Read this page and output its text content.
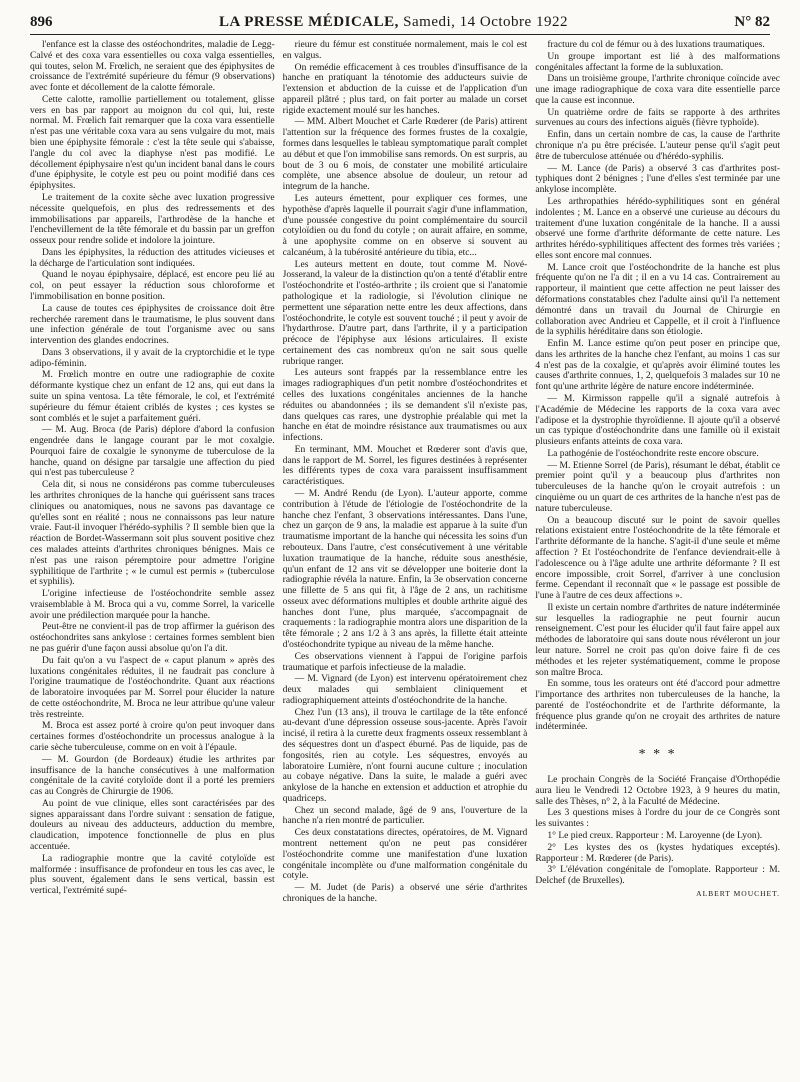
896	LA PRESSE MÉDICALE, Samedi, 14 Octobre 1922	N° 82

l'enfance est la classe des ostéochondrites, maladie de Legg-Calvé et des coxa vara essentielles ou coxa valga essentielles, qui toutes, selon M. Frœlich, ne seraient que des épiphysites de croissance de l'extrémité supérieure du fémur (9 observations) avec fonte et décollement de la calotte fémorale.

Cette calotte, ramollie partiellement ou totalement, glisse vers en bas par rapport au moignon du col qui, lui, reste normal. M. Frœlich fait remarquer que la coxa vara essentielle n'est pas une véritable coxa vara au sens vulgaire du mot, mais bien une épiphysite fémorale : c'est la tête seule qui s'abaisse, l'angle du col avec la diaphyse n'est pas modifié. Le décollement épiphysaire n'est qu'un incident banal dans le cours d'une épiphysite, le cotyle est peu ou point modifié dans ces épiphysites.

Le traitement de la coxite sèche avec luxation progressive nécessite quelquefois, en plus des redressements et des immobilisations par appareils, l'arthrodèse de la hanche et l'enchevillement de la tête fémorale et du bassin par un greffon osseux pour rendre solide et indolore la jointure.

Dans les épiphysites, la réduction des attitudes vicieuses et la décharge de l'articulation sont indiquées.

Quand le noyau épiphysaire, déplacé, est encore peu lié au col, on peut essayer la réduction sous chloroforme et l'immobilisation en bonne position.

La cause de toutes ces épiphysites de croissance doit être recherchée rarement dans le traumatisme, le plus souvent dans une infection générale de tout l'organisme avec ou sans intervention des glandes endocrines.

Dans 3 observations, il y avait de la cryptorchidie et le type adipo-féminin.

M. Frœlich montre en outre une radiographie de coxite déformante kystique chez un enfant de 12 ans, qui eut dans la suite un spina ventosa. La tête fémorale, le col, et l'extrémité supérieure du fémur étaient criblés de kystes ; ces kystes se sont comblés et le sujet a parfaitement guéri.

— M. Aug. Broca (de Paris) déplore d'abord la confusion engendrée dans le langage courant par le mot coxalgie. Pourquoi faire de coxalgie le synonyme de tuberculose de la hanche, quand on désigne par tarsalgie une affection du pied qui n'est pas tuberculeuse ?

Cela dit, si nous ne considérons pas comme tuberculeuses les arthrites chroniques de la hanche qui guérissent sans traces cliniques ou anatomiques, nous ne savons pas davantage ce qu'elles sont en réalité ; nous ne connaissons pas leur nature vraie. Faut-il invoquer l'hérédo-syphilis ? Il semble bien que la réaction de Bordet-Wassermann soit plus souvent positive chez ces malades atteints d'arthrites chroniques bénignes. Mais ce n'est pas une raison péremptoire pour admettre l'origine syphilitique de l'arthrite ; « le cumul est permis » (tuberculose et syphilis).

L'origine infectieuse de l'ostéochondrite semble assez vraisemblable à M. Broca qui a vu, comme Sorrel, la varicelle avoir une prédilection marquée pour la hanche.

Peut-être ne convient-il pas de trop affirmer la guérison des ostéochondrites sans ankylose : certaines formes semblent bien ne pas guérir d'une façon aussi absolue qu'on l'a dit.

Du fait qu'on a vu l'aspect de « caput planum » après des luxations congénitales réduites, il ne faudrait pas conclure à l'origine traumatique de l'ostéochondrite. Quant aux réactions de laboratoire invoquées par M. Sorrel pour élucider la nature de cette ostéochondrite, M. Broca ne leur attribue qu'une valeur très restreinte.

M. Broca est assez porté à croire qu'on peut invoquer dans certaines formes d'ostéochondrite un processus analogue à la carie sèche tuberculeuse, comme on en voit à l'épaule.

— M. Gourdon (de Bordeaux) étudie les arthrites par insuffisance de la hanche consécutives à une malformation congénitale de la cavité cotyloïde dont il a porté les premiers cas au Congrès de Chirurgie de 1906.

Au point de vue clinique, elles sont caractérisées par des signes apparaissant dans l'ordre suivant : sensation de fatigue, douleurs au niveau des adducteurs, adduction du membre, claudication, impotence fonctionnelle de plus en plus accentuée.

La radiographie montre que la cavité cotyloïde est malformée : insuffisance de profondeur en tous les cas avec, le plus souvent, également dans le sens vertical, bassin est vertical, l'extrémité supé-

rieure du fémur est constituée normalement, mais le col est en valgus.

On remédie efficacement à ces troubles d'insuffisance de la hanche en pratiquant la ténotomie des adducteurs suivie de l'extension et abduction de la cuisse et de l'application d'un appareil plâtré ; plus tard, on fait porter au malade un corset rigide exactement moulé sur les hanches.

— MM. Albert Mouchet et Carle Rœderer (de Paris) attirent l'attention sur la fréquence des formes frustes de la coxalgie, formes dans lesquelles le tableau symptomatique paraît complet au début et que l'on immobilise sans remords. On est surpris, au bout de 3 ou 6 mois, de constater une mobilité articulaire complète, une absence absolue de douleur, un retour ad integrum de la hanche.

Les auteurs émettent, pour expliquer ces formes, une hypothèse d'après laquelle il pourrait s'agir d'une inflammation, d'une poussée congestive du point complémentaire du sourcil cotyloïdien ou du fond du cotyle ; on aurait affaire, en somme, à une apophysite comme on en observe si souvent au calcanéum, à la tubérosité antérieure du tibia, etc...

Les auteurs mettent en doute, tout comme M. Nové-Josserand, la valeur de la distinction qu'on a tenté d'établir entre l'ostéochondrite et l'ostéo-arthrite ; ils croient que si l'anatomie pathologique et la radiologie, si l'évolution clinique ne permettent une séparation nette entre les deux affections, dans l'ostéochondrite, le cotyle est souvent touché ; il peut y avoir de l'hydarthrose. D'autre part, dans l'arthrite, il y a participation précoce de l'épiphyse aux lésions articulaires. Il existe certainement des cas nombreux qu'on ne sait sous quelle rubrique ranger.

Les auteurs sont frappés par la ressemblance entre les images radiographiques d'un petit nombre d'ostéochondrites et celles des luxations congénitales anciennes de la hanche réduites ou abandonnées ; ils se demandent s'il n'existe pas, dans quelques cas rares, une dystrophie préalable qui met la hanche en état de moindre résistance aux traumatismes ou aux infections.

En terminant, MM. Mouchet et Rœderer sont d'avis que, dans le rapport de M. Sorrel, les figures destinées à représenter les différents types de coxa vara paraissent insuffisamment caractéristiques.

— M. André Rendu (de Lyon). L'auteur apporte, comme contribution à l'étude de l'étiologie de l'ostéochondrite de la hanche chez l'enfant, 3 observations intéressantes. Dans l'une, chez un garçon de 9 ans, la maladie est apparue à la suite d'un traumatisme important de la hanche qui nécessita les soins d'un rebouteux. Dans l'autre, c'est consécutivement à une véritable luxation traumatique de la hanche, réduite sous anesthésie, qu'un enfant de 12 ans vit se développer une boiterie dont la radiographie révéla la nature. Enfin, la 3e observation concerne une fillette de 5 ans qui fit, à l'âge de 2 ans, un rachitisme osseux avec déformations multiples et double arthrite aiguë des hanches dont l'une, plus marquée, s'accompagnait de craquements : la radiographie montra alors une disparition de la tête fémorale ; 2 ans 1/2 à 3 ans après, la fillette était atteinte d'ostéochondrite typique au niveau de la même hanche.

Ces observations viennent à l'appui de l'origine parfois traumatique et parfois infectieuse de la maladie.

— M. Vignard (de Lyon) est intervenu opératoirement chez deux malades qui semblaient cliniquement et radiographiquement atteints d'ostéochondrite de la hanche.

Chez l'un (13 ans), il trouva le cartilage de la tête enfoncé au-devant d'une dépression osseuse sous-jacente. Après l'avoir incisé, il retira à la curette deux fragments osseux ressemblant à des séquestres dont un d'aspect éburné. Pas de liquide, pas de fongosités, rien au cotyle. Les séquestres, envoyés au laboratoire Lumière, n'ont fourni aucune culture ; inoculation au cobaye négative. Dans la suite, le malade a guéri avec ankylose de la hanche en extension et adduction et atrophie du quadriceps.

Chez un second malade, âgé de 9 ans, l'ouverture de la hanche n'a rien montré de particulier.

Ces deux constatations directes, opératoires, de M. Vignard montrent nettement qu'on ne peut pas considérer l'ostéochondrite comme une manifestation d'une luxation congénitale incomplète ou d'une malformation congénitale du cotyle.

— M. Judet (de Paris) a observé une série d'arthrites chroniques de la hanche.

fracture du col de fémur ou à des luxations traumatiques.

Un groupe important est lié à des malformations congénitales affectant la forme de la subluxation.

Dans un troisième groupe, l'arthrite chronique coïncide avec une image radiographique de coxa vara dite essentielle parce que la cause est inconnue.

Un quatrième ordre de faits se rapporte à des arthrites survenues au cours des infections aiguës (fièvre typhoïde).

Enfin, dans un certain nombre de cas, la cause de l'arthrite chronique n'a pu être précisée. L'auteur pense qu'il s'agit peut être de tuberculose atténuée ou d'hérédo-syphilis.

— M. Lance (de Paris) a observé 3 cas d'arthrites post-typhiques dont 2 bénignes ; l'une d'elles s'est terminée par une ankylose incomplète.

Les arthropathies hérédo-syphilitiques sont en général indolentes ; M. Lance en a observé une curieuse au décours du traitement d'une luxation congénitale de la hanche. Il a aussi observé une forme d'arthrite déformante de cette nature. Les arthrites hérédo-syphilitiques affectent des formes très variées ; elles sont encore mal connues.

M. Lance croit que l'ostéochondrite de la hanche est plus fréquente qu'on ne l'a dit ; il en a vu 14 cas. Contrairement au rapporteur, il maintient que cette affection ne peut laisser des déformations constatables chez l'adulte ainsi qu'il l'a nettement démontré dans un travail du Journal de Chirurgie en collaboration avec Andrieu et Cappelle, et il croit à l'influence de la syphilis héréditaire dans son étiologie.

Enfin M. Lance estime qu'on peut poser en principe que, dans les arthrites de la hanche chez l'enfant, au moins 1 cas sur 4 n'est pas de la coxalgie, et qu'après avoir éliminé toutes les causes d'arthrite connues, 1, 2, quelquefois 3 malades sur 10 ne font qu'une arthrite légère de nature encore indéterminée.

— M. Kirmisson rappelle qu'il a signalé autrefois à l'Académie de Médecine les rapports de la coxa vara avec l'adipose et la dystrophie thyroïdienne. Il ajoute qu'il a observé un cas typique d'ostéochondrite dans une famille où il existait plusieurs enfants atteints de coxa vara.

La pathogénie de l'ostéochondrite reste encore obscure.

— M. Etienne Sorrel (de Paris), résumant le débat, établit ce premier point qu'il y a beaucoup plus d'arthrites non tuberculeuses de la hanche qu'on le croyait autrefois : un cinquième ou un quart de ces arthrites de la hanche n'est pas de nature tuberculeuse.

On a beaucoup discuté sur le point de savoir quelles relations existaient entre l'ostéochondrite de la tête fémorale et l'arthrite déformante de la hanche. S'agit-il d'une seule et même affection ? Et l'ostéochondrite de l'enfance deviendrait-elle à l'adolescence ou à l'âge adulte une arthrite déformante ? Il est encore impossible, croit Sorrel, d'arriver à une conclusion ferme. Cependant il reconnaît que « le passage est possible de l'une à l'autre de ces deux affections ».

Il existe un certain nombre d'arthrites de nature indéterminée sur lesquelles la radiographie ne peut fournir aucun renseignement. C'est pour les élucider qu'il faut faire appel aux méthodes de laboratoire qui sans doute nous révéleront un jour leur nature. Sorrel ne croit pas qu'on doive faire fi de ces méthodes et les rejeter systématiquement, comme le propose son maître Broca.

En somme, tous les orateurs ont été d'accord pour admettre l'importance des arthrites non tuberculeuses de la hanche, la parenté de l'ostéochondrite et de l'arthrite déformante, la fréquence plus grande qu'on ne croyait des arthrites de nature indéterminée.

* * *

Le prochain Congrès de la Société Française d'Orthopédie aura lieu le Vendredi 12 Octobre 1923, à 9 heures du matin, salle des Thèses, n° 2, à la Faculté de Médecine.

Les 3 questions mises à l'ordre du jour de ce Congrès sont les suivantes :

1° Le pied creux. Rapporteur : M. Laroyenne (de Lyon).

2° Les kystes des os (kystes hydatiques exceptés). Rapporteur : M. Rœderer (de Paris).

3° L'élévation congénitale de l'omoplate. Rapporteur : M. Delchef (de Bruxelles).

ALBERT MOUCHET.
